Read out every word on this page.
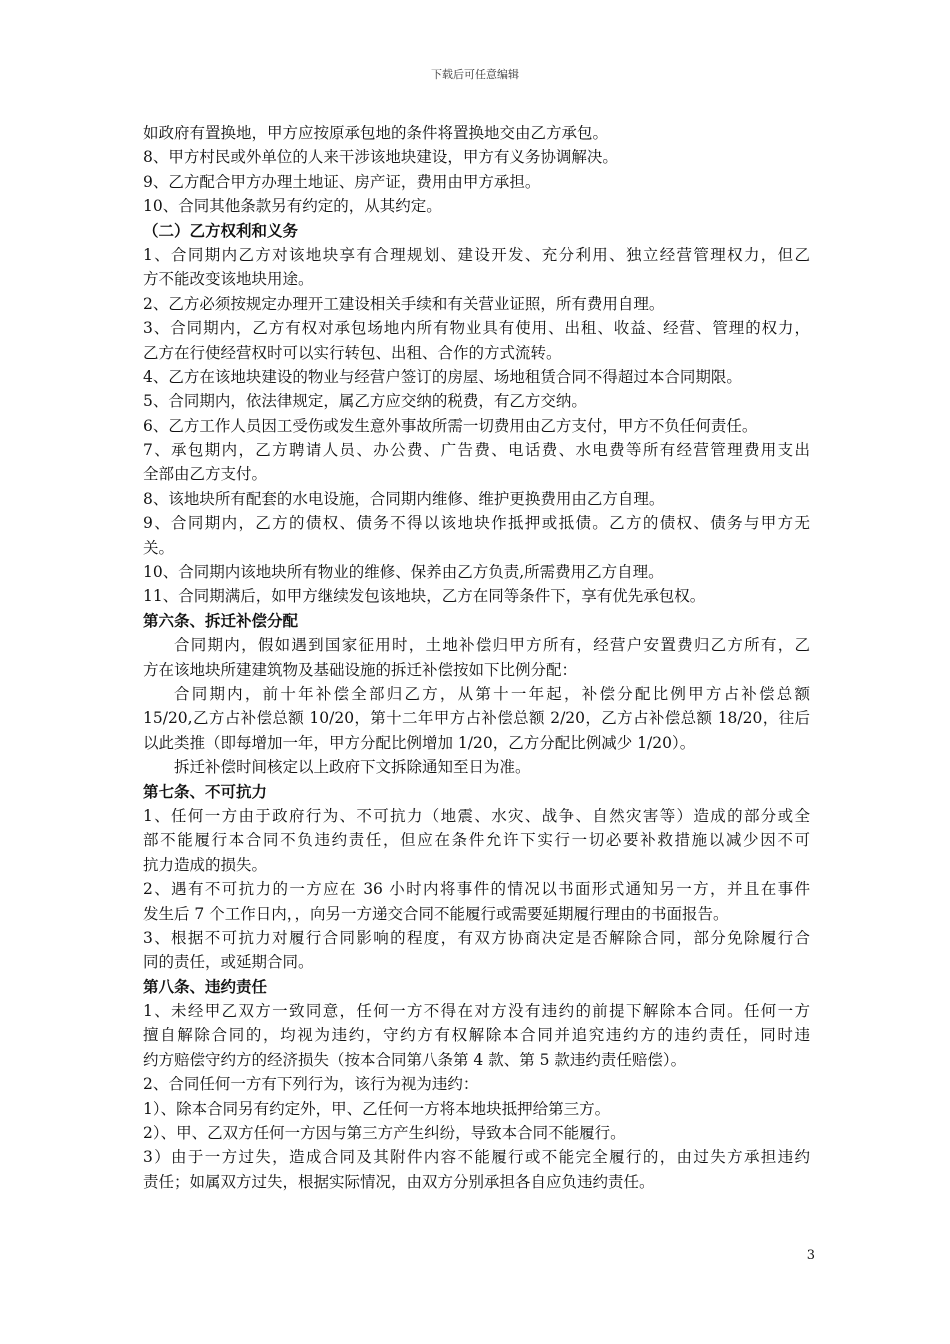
下载后可任意编辑
如政府有置换地，甲方应按原承包地的条件将置换地交由乙方承包。
8、甲方村民或外单位的人来干涉该地块建设，甲方有义务协调解决。
9、乙方配合甲方办理土地证、房产证，费用由甲方承担。
10、合同其他条款另有约定的，从其约定。
（二）乙方权利和义务
1、合同期内乙方对该地块享有合理规划、建设开发、充分利用、独立经营管理权力，但乙
方不能改变该地块用途。
2、乙方必须按规定办理开工建设相关手续和有关营业证照，所有费用自理。
3、合同期内，乙方有权对承包场地内所有物业具有使用、出租、收益、经营、管理的权力，
乙方在行使经营权时可以实行转包、出租、合作的方式流转。
4、乙方在该地块建设的物业与经营户签订的房屋、场地租赁合同不得超过本合同期限。
5、合同期内，依法律规定，属乙方应交纳的税费，有乙方交纳。
6、乙方工作人员因工受伤或发生意外事故所需一切费用由乙方支付，甲方不负任何责任。
7、承包期内，乙方聘请人员、办公费、广告费、电话费、水电费等所有经营管理费用支出
全部由乙方支付。
8、该地块所有配套的水电设施，合同期内维修、维护更换费用由乙方自理。
9、合同期内，乙方的债权、债务不得以该地块作抵押或抵债。乙方的债权、债务与甲方无
关。
10、合同期内该地块所有物业的维修、保养由乙方负责,所需费用乙方自理。
11、合同期满后，如甲方继续发包该地块，乙方在同等条件下，享有优先承包权。
第六条、拆迁补偿分配
合同期内，假如遇到国家征用时，土地补偿归甲方所有，经营户安置费归乙方所有，乙
方在该地块所建建筑物及基础设施的拆迁补偿按如下比例分配：
合同期内，前十年补偿全部归乙方，从第十一年起，补偿分配比例甲方占补偿总额
15/20,乙方占补偿总额 10/20，第十二年甲方占补偿总额 2/20，乙方占补偿总额 18/20，往后
以此类推（即每增加一年，甲方分配比例增加 1/20，乙方分配比例减少 1/20）。
拆迁补偿时间核定以上政府下文拆除通知至日为准。
第七条、不可抗力
1、任何一方由于政府行为、不可抗力（地震、水灾、战争、自然灾害等）造成的部分或全
部不能履行本合同不负违约责任，但应在条件允许下实行一切必要补救措施以减少因不可
抗力造成的损失。
2、遇有不可抗力的一方应在 36 小时内将事件的情况以书面形式通知另一方，并且在事件
发生后 7 个工作日内，，向另一方递交合同不能履行或需要延期履行理由的书面报告。
3、根据不可抗力对履行合同影响的程度，有双方协商决定是否解除合同，部分免除履行合
同的责任，或延期合同。
第八条、违约责任
1、未经甲乙双方一致同意，任何一方不得在对方没有违约的前提下解除本合同。任何一方
擅自解除合同的，均视为违约，守约方有权解除本合同并追究违约方的违约责任，同时违
约方赔偿守约方的经济损失（按本合同第八条第 4 款、第 5 款违约责任赔偿）。
2、合同任何一方有下列行为，该行为视为违约：
1）、除本合同另有约定外，甲、乙任何一方将本地块抵押给第三方。
2）、甲、乙双方任何一方因与第三方产生纠纷，导致本合同不能履行。
3）由于一方过失，造成合同及其附件内容不能履行或不能完全履行的，由过失方承担违约
责任；如属双方过失，根据实际情况，由双方分别承担各自应负违约责任。
3
